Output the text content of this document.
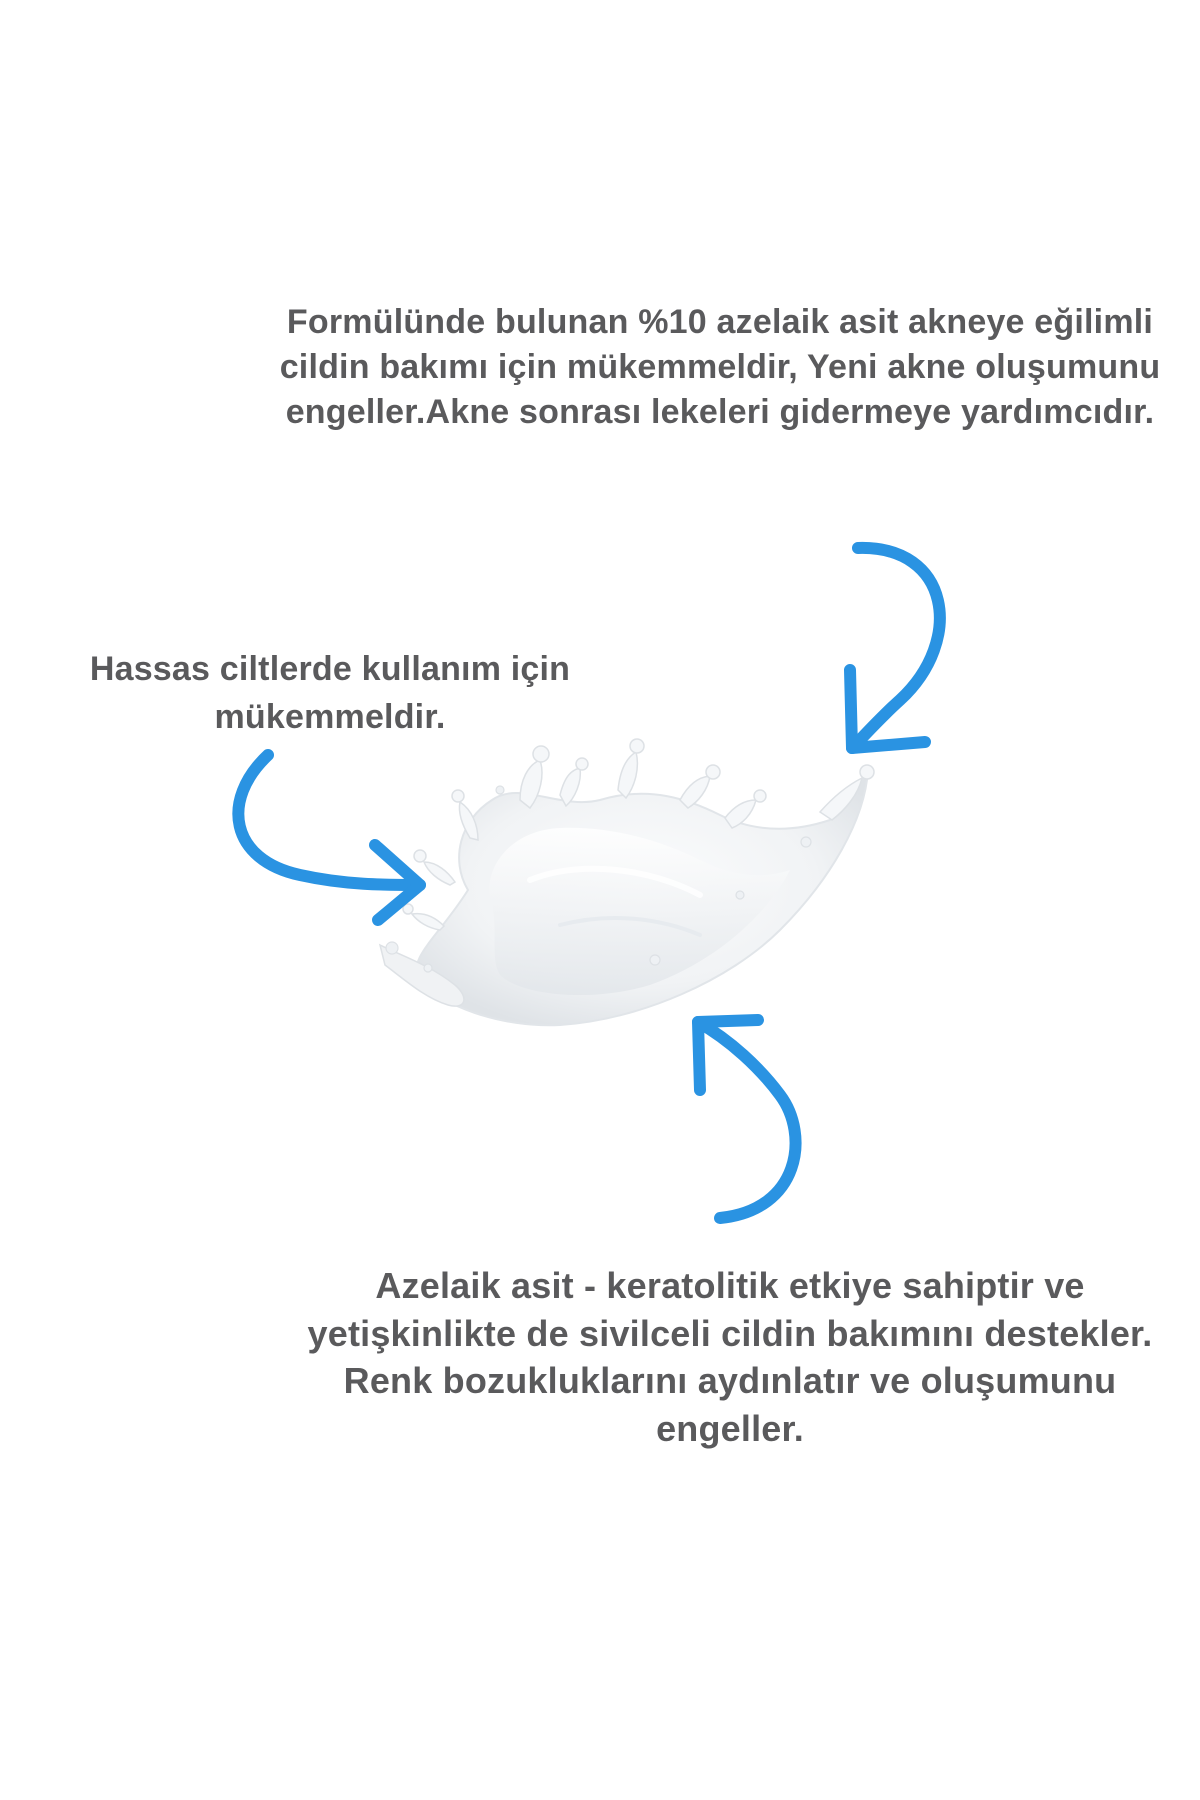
Formülünde bulunan %10 azelaik asit akneye eğilimli cildin bakımı için mükemmeldir, Yeni akne oluşumunu engeller.Akne sonrası lekeleri gidermeye yardımcıdır.

Hassas ciltlerde kullanım için mükemmeldir.

Azelaik asit - keratolitik etkiye sahiptir ve yetişkinlikte de sivilceli cildin bakımını destekler. Renk bozukluklarını aydınlatır ve oluşumunu engeller.
